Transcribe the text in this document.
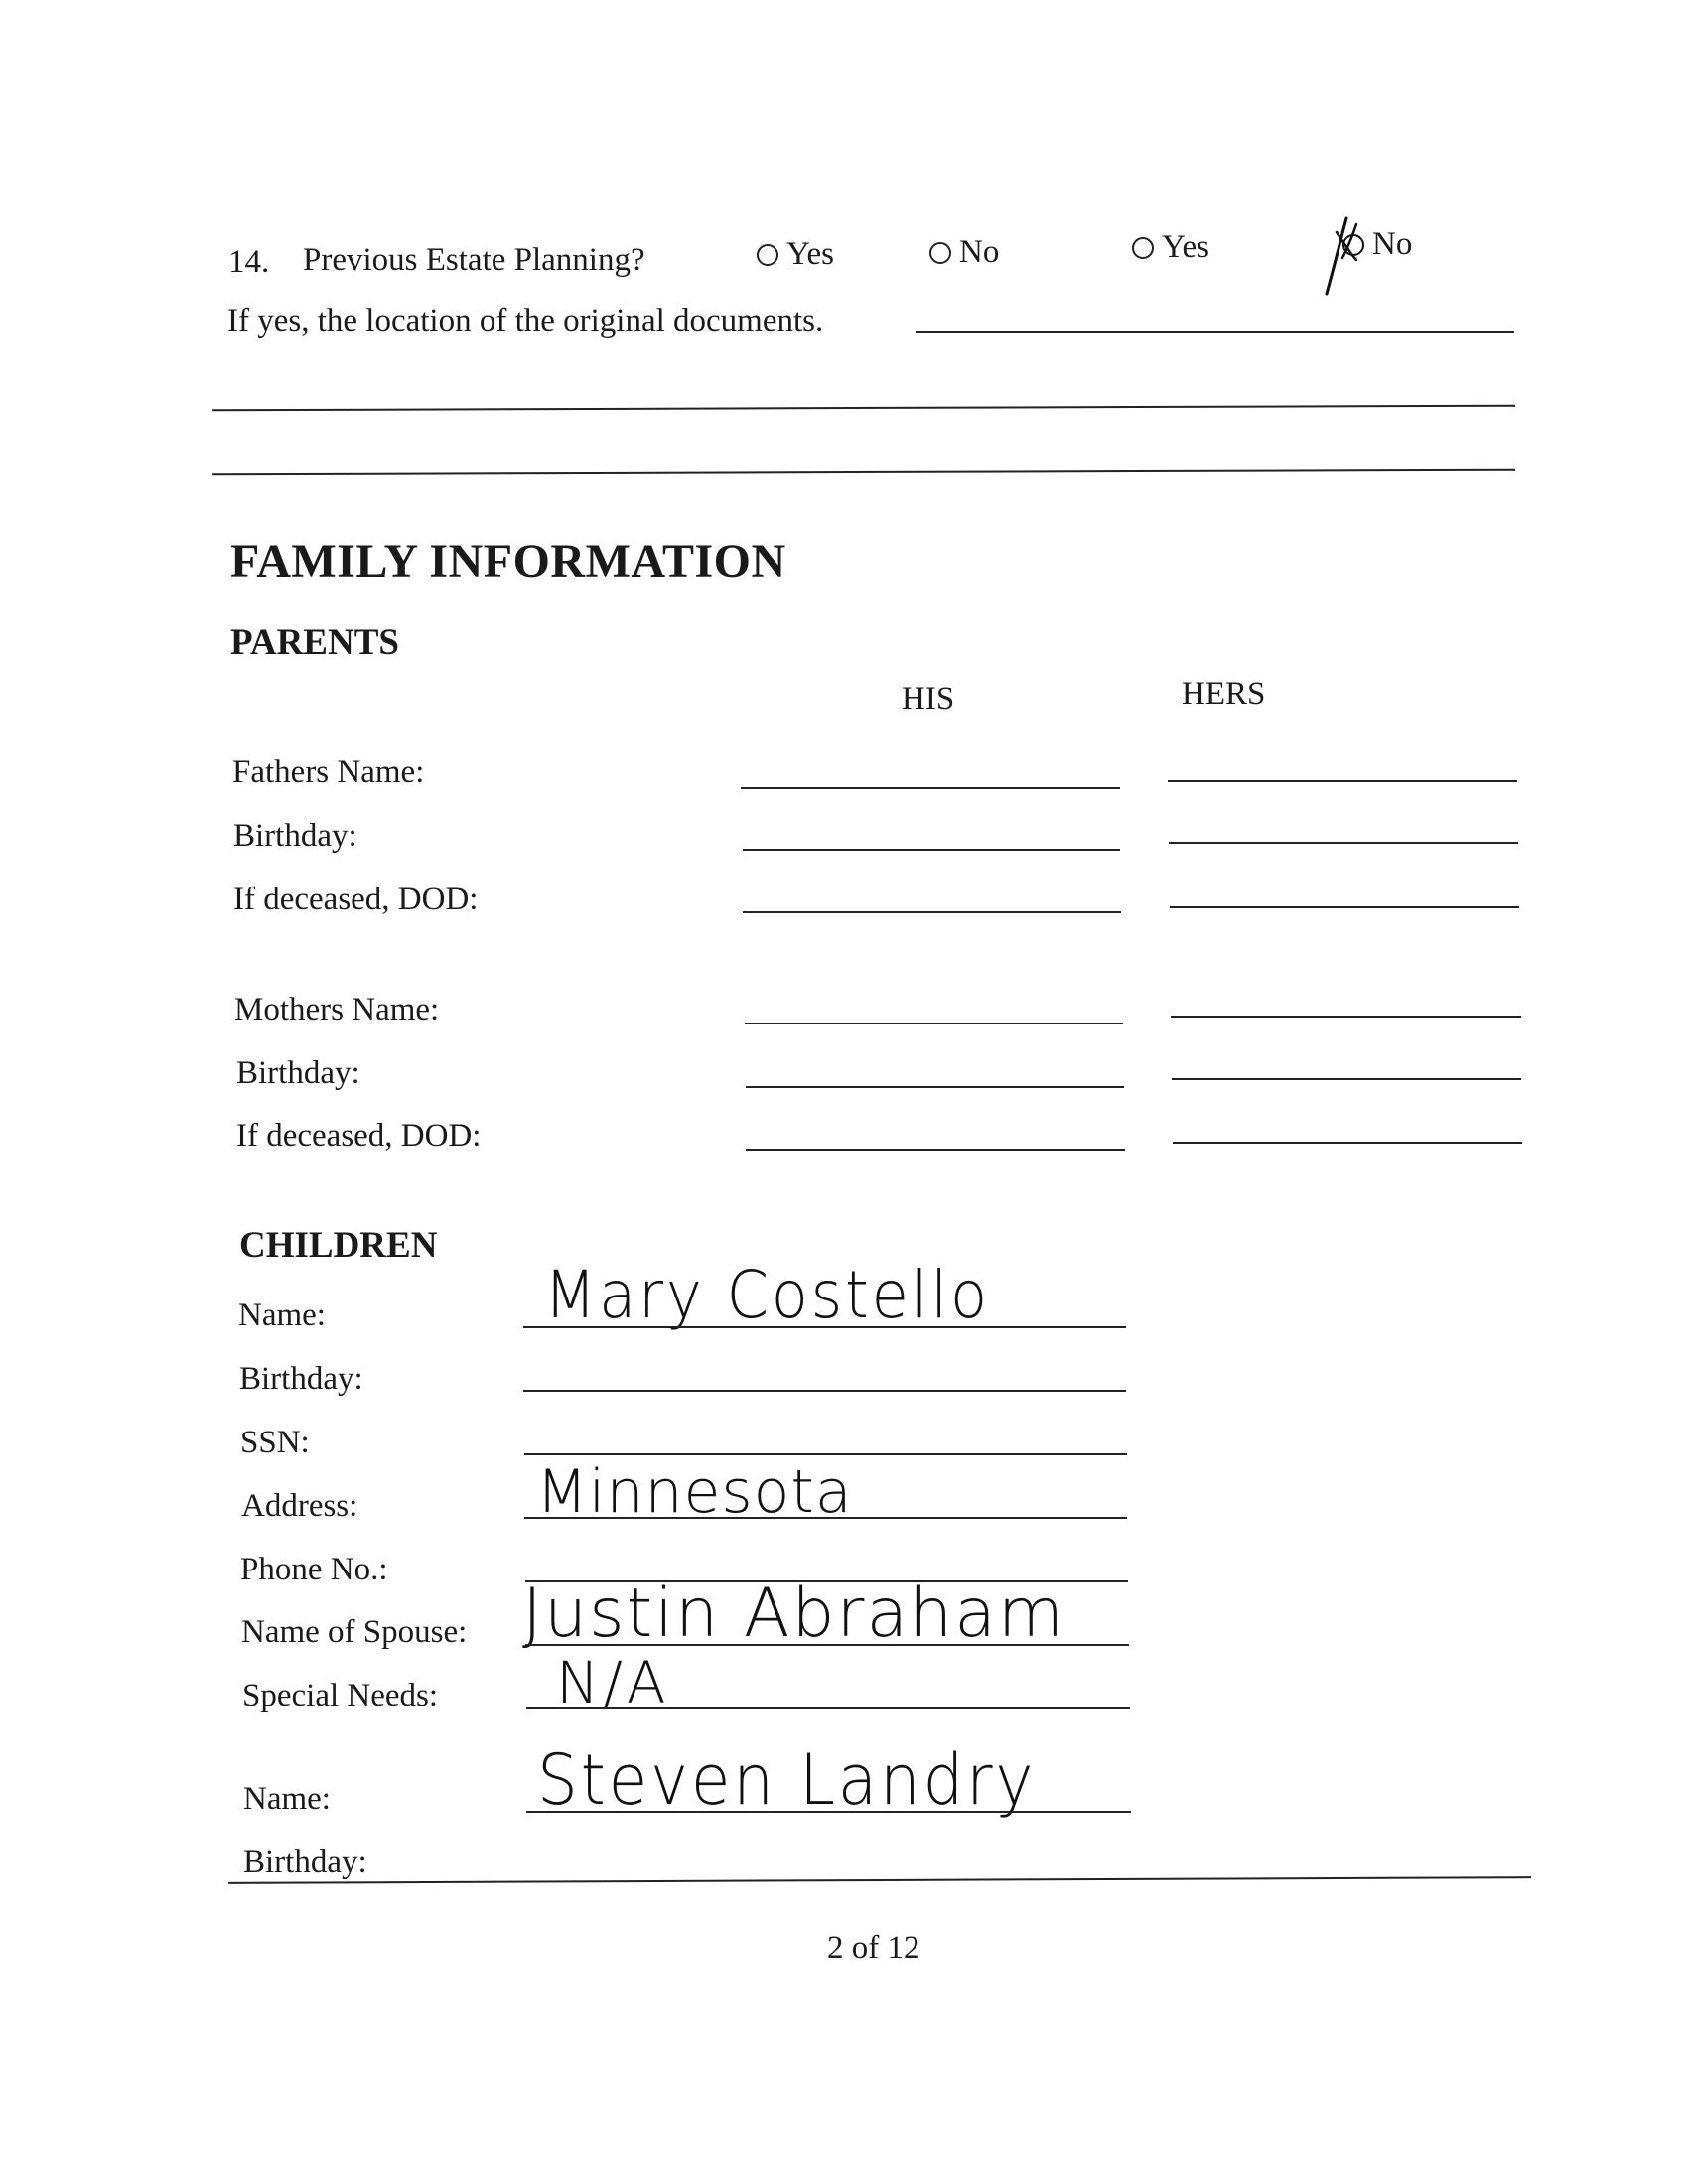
14. Previous Estate Planning?	Yes	No	Yes	No
If yes, the location of the original documents.
FAMILY INFORMATION
PARENTS
HIS	HERS
Fathers Name:
Birthday:
If deceased, DOD:
Mothers Name:
Birthday:
If deceased, DOD:
CHILDREN
Name:	Mary Costello
Birthday:
SSN:
Address:	Minnesota
Phone No.:
Name of Spouse: Justin Abraham
Special Needs: N/A
Name:	Steven Landry
Birthday:
2 of 12
